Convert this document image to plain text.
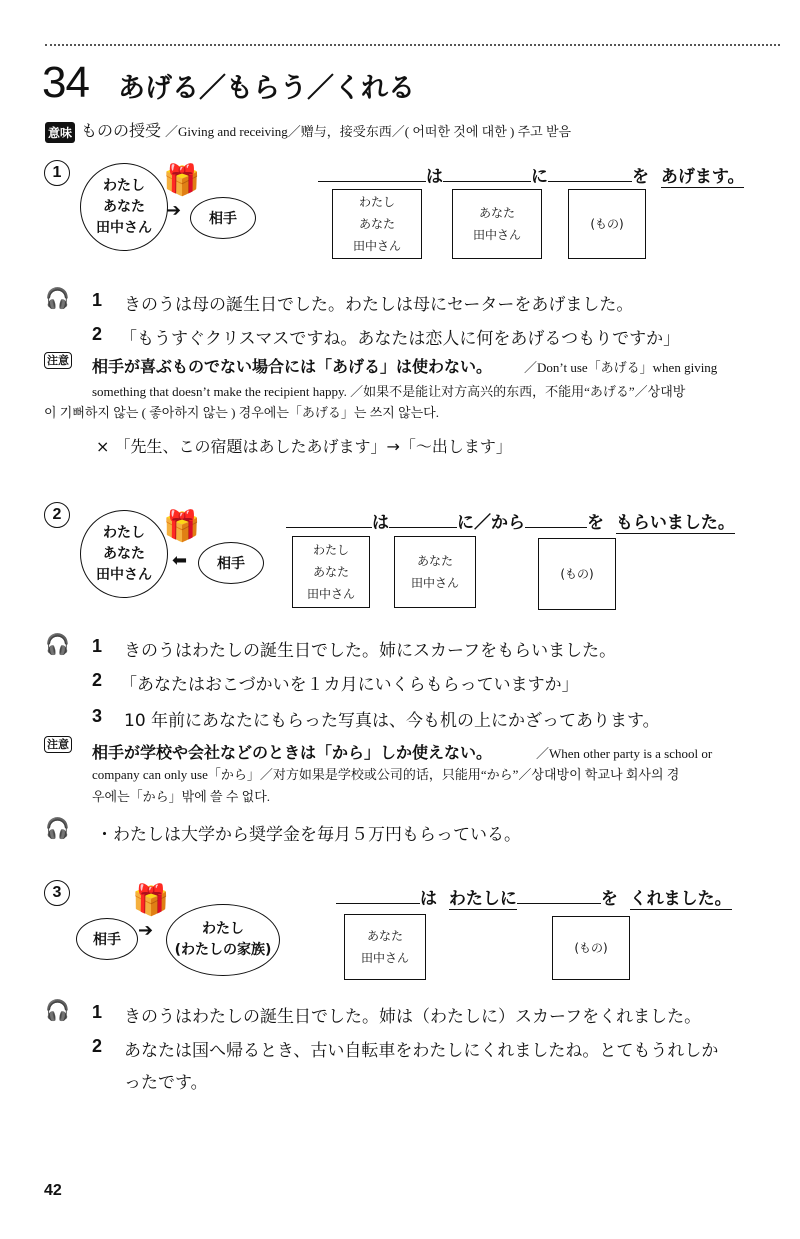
34 あげる／もらう／くれる
意味 ものの授受 ／Giving and receiving／赠与，接受东西／( 어떠한 것에 대한 ) 주고 받음
1
わたし
あなた
田中さん
🎁
➔ 相手
は	に	を あげます。
わたし
あなた
田中さん
あなた
田中さん
(もの)
🎧 1 きのうは母の誕生日でした。わたしは母にセーターをあげました。
2 「もうすぐクリスマスですね。あなたは恋人に何をあげるつもりですか」
注意 相手が喜ぶものでない場合には「あげる」は使わない。 ／Don’t use「あげる」when giving
something that doesn’t make the recipient happy. ／如果不是能让对方高兴的东西，不能用“あげる”／상대방
이 기뻐하지 않는 ( 좋아하지 않는 ) 경우에는「あげる」는 쓰지 않는다.
× 「先生、この宿題はあしたあげます」→「～出します」
2
わたし
あなた
田中さん
🎁
⬅ 相手
は	に／から	を もらいました。
わたし
あなた
田中さん
あなた
田中さん
(もの)
🎧 1 きのうはわたしの誕生日でした。姉にスカーフをもらいました。
2 「あなたはおこづかいを１カ月にいくらもらっていますか」
3 10 年前にあなたにもらった写真は、今も机の上にかざってあります。
注意 相手が学校や会社などのときは「から」しか使えない。	／When other party is a school or
company can only use「から」／对方如果是学校或公司的话，只能用“から”／상대방이 학교나 회사의 경
우에는「から」밖에 쓸 수 없다.
🎧 ・わたしは大学から奨学金を毎月５万円もらっている。
3
相手 ➔
🎁
わたし
(わたしの家族)
は わたしに	を くれました。
あなた
田中さん
(もの)
🎧 1 きのうはわたしの誕生日でした。姉は（わたしに）スカーフをくれました。
2 あなたは国へ帰るとき、古い自転車をわたしにくれましたね。とてもうれしか
ったです。
42
